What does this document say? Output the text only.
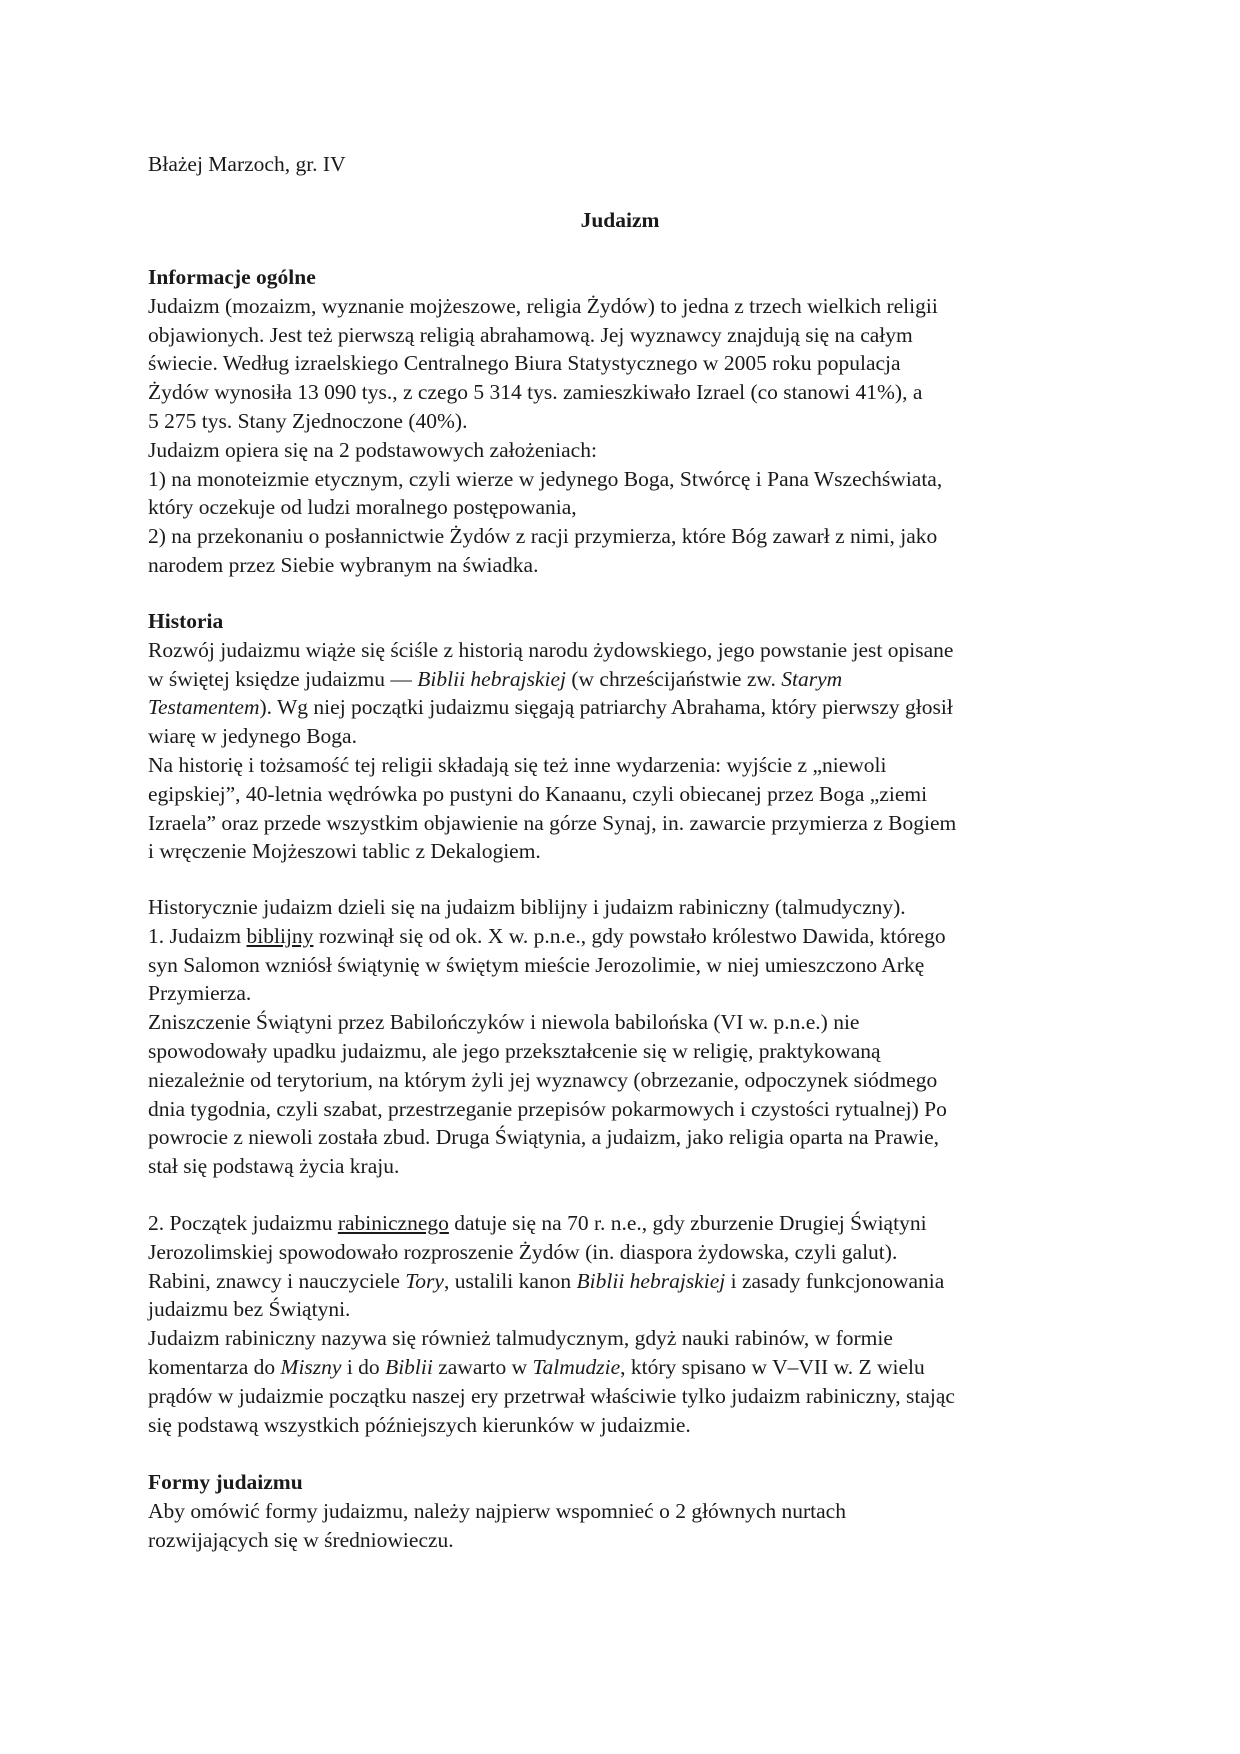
Błażej Marzoch, gr. IV
Judaizm
Informacje ogólne
Judaizm (mozaizm, wyznanie mojżeszowe, religia Żydów) to jedna z trzech wielkich religii
objawionych. Jest też pierwszą religią abrahamową. Jej wyznawcy znajdują się na całym
świecie. Według izraelskiego Centralnego Biura Statystycznego w 2005 roku populacja
Żydów wynosiła 13 090 tys., z czego 5 314 tys. zamieszkiwało Izrael (co stanowi 41%), a
5 275 tys. Stany Zjednoczone (40%).
Judaizm opiera się na 2 podstawowych założeniach:
1) na monoteizmie etycznym, czyli wierze w jedynego Boga, Stwórcę i Pana Wszechświata,
który oczekuje od ludzi moralnego postępowania,
2) na przekonaniu o posłannictwie Żydów z racji przymierza, które Bóg zawarł z nimi, jako
narodem przez Siebie wybranym na świadka.
Historia
Rozwój judaizmu wiąże się ściśle z historią narodu żydowskiego, jego powstanie jest opisane
w świętej księdze judaizmu — Biblii hebrajskiej (w chrześcijaństwie zw. Starym
Testamentem). Wg niej początki judaizmu sięgają patriarchy Abrahama, który pierwszy głosił
wiarę w jedynego Boga.
Na historię i tożsamość tej religii składają się też inne wydarzenia: wyjście z „niewoli
egipskiej”, 40-letnia wędrówka po pustyni do Kanaanu, czyli obiecanej przez Boga „ziemi
Izraela” oraz przede wszystkim objawienie na górze Synaj, in. zawarcie przymierza z Bogiem
i wręczenie Mojżeszowi tablic z Dekalogiem.
Historycznie judaizm dzieli się na judaizm biblijny i judaizm rabiniczny (talmudyczny).
1. Judaizm biblijny rozwinął się od ok. X w. p.n.e., gdy powstało królestwo Dawida, którego
syn Salomon wzniósł świątynię w świętym mieście Jerozolimie, w niej umieszczono Arkę
Przymierza.
Zniszczenie Świątyni przez Babilończyków i niewola babilońska (VI w. p.n.e.) nie
spowodowały upadku judaizmu, ale jego przekształcenie się w religię, praktykowaną
niezależnie od terytorium, na którym żyli jej wyznawcy (obrzezanie, odpoczynek siódmego
dnia tygodnia, czyli szabat, przestrzeganie przepisów pokarmowych i czystości rytualnej) Po
powrocie z niewoli została zbud. Druga Świątynia, a judaizm, jako religia oparta na Prawie,
stał się podstawą życia kraju.
2. Początek judaizmu rabinicznego datuje się na 70 r. n.e., gdy zburzenie Drugiej Świątyni
Jerozolimskiej spowodowało rozproszenie Żydów (in. diaspora żydowska, czyli galut).
Rabini, znawcy i nauczyciele Tory, ustalili kanon Biblii hebrajskiej i zasady funkcjonowania
judaizmu bez Świątyni.
Judaizm rabiniczny nazywa się również talmudycznym, gdyż nauki rabinów, w formie
komentarza do Miszny i do Biblii zawarto w Talmudzie, który spisano w V–VII w. Z wielu
prądów w judaizmie początku naszej ery przetrwał właściwie tylko judaizm rabiniczny, stając
się podstawą wszystkich późniejszych kierunków w judaizmie.
Formy judaizmu
Aby omówić formy judaizmu, należy najpierw wspomnieć o 2 głównych nurtach
rozwijających się w średniowieczu.
